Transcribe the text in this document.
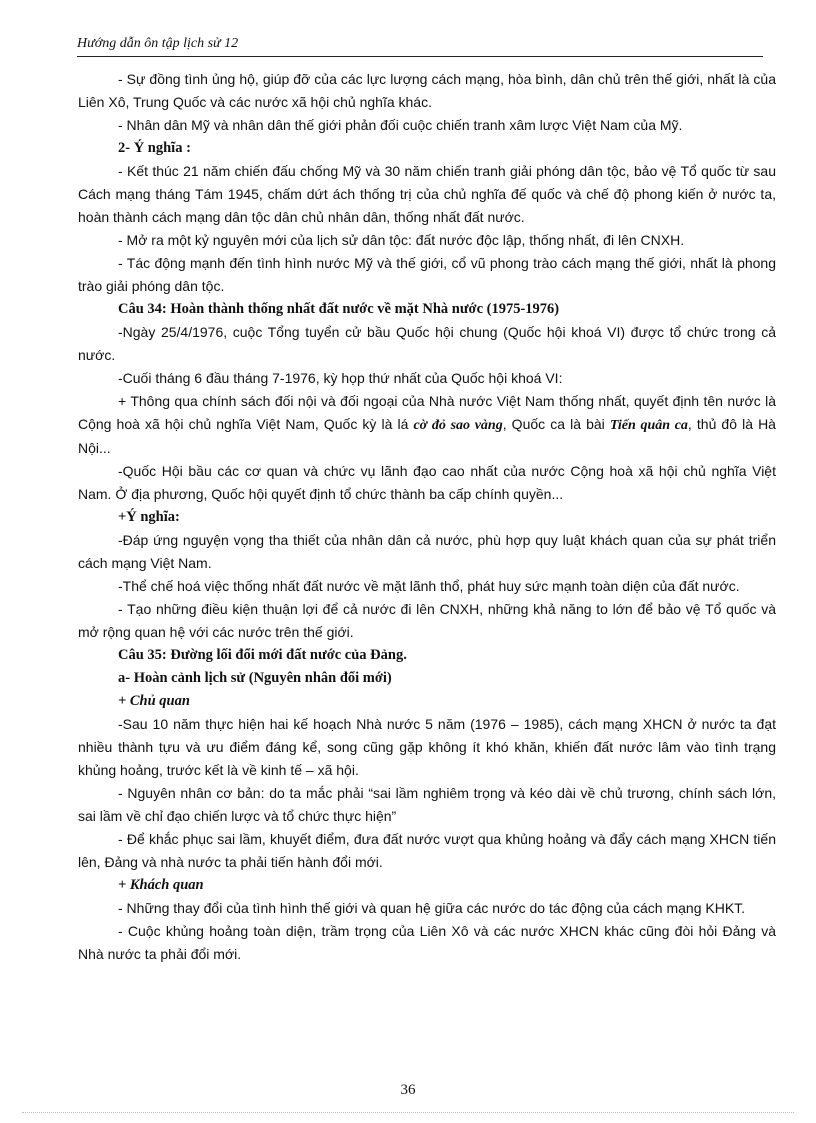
Hướng dẫn ôn tập lịch sử 12

- Sự đồng tình ủng hộ, giúp đỡ của các lực lượng cách mạng, hòa bình, dân chủ trên thế giới, nhất là của Liên Xô, Trung Quốc và các nước xã hội chủ nghĩa khác.

- Nhân dân Mỹ và nhân dân thế giới phản đối cuộc chiến tranh xâm lược Việt Nam của Mỹ.

2- Ý nghĩa :

- Kết thúc 21 năm chiến đấu chống Mỹ và 30 năm chiến tranh giải phóng dân tộc, bảo vệ Tổ quốc từ sau Cách mạng tháng Tám 1945, chấm dứt ách thống trị của chủ nghĩa đế quốc và chế độ phong kiến ở nước ta, hoàn thành cách mạng dân tộc dân chủ nhân dân, thống nhất đất nước.

- Mở ra một kỷ nguyên mới của lịch sử dân tộc: đất nước độc lập, thống nhất, đi lên CNXH.

- Tác động mạnh đến tình hình nước Mỹ và thế giới, cổ vũ phong trào cách mạng thế giới, nhất là phong trào giải phóng dân tộc.

Câu 34: Hoàn thành thống nhất đất nước về mặt Nhà nước (1975-1976)

-Ngày 25/4/1976, cuộc Tổng tuyển cử bầu Quốc hội chung (Quốc hội khoá VI) được tổ chức trong cả nước.

-Cuối tháng 6 đầu tháng 7-1976, kỳ họp thứ nhất của Quốc hội khoá VI:

+ Thông qua chính sách đối nội và đối ngoại của Nhà nước Việt Nam thống nhất, quyết định tên nước là Cộng hoà xã hội chủ nghĩa Việt Nam, Quốc kỳ là lá cờ đỏ sao vàng, Quốc ca là bài Tiến quân ca, thủ đô là Hà Nội...

-Quốc Hội bầu các cơ quan và chức vụ lãnh đạo cao nhất của nước Cộng hoà xã hội chủ nghĩa Việt Nam. Ở địa phương, Quốc hội quyết định tổ chức thành ba cấp chính quyền...

+Ý nghĩa:

-Đáp ứng nguyện vọng tha thiết của nhân dân cả nước, phù hợp quy luật khách quan của sự phát triển cách mạng Việt Nam.

-Thể chế hoá việc thống nhất đất nước về mặt lãnh thổ, phát huy sức mạnh toàn diện của đất nước.

- Tạo những điều kiện thuận lợi để cả nước đi lên CNXH, những khả năng to lớn để bảo vệ Tổ quốc và mở rộng quan hệ với các nước trên thế giới.

Câu 35: Đường lối đổi mới đất nước của Đảng.

a- Hoàn cảnh lịch sử (Nguyên nhân đổi mới)

+ Chủ quan

-Sau 10 năm thực hiện hai kế hoạch Nhà nước 5 năm (1976 – 1985), cách mạng XHCN ở nước ta đạt nhiều thành tựu và ưu điểm đáng kể, song cũng gặp không ít khó khăn, khiến đất nước lâm vào tình trạng khủng hoảng, trước kết là về kinh tế – xã hội.

- Nguyên nhân cơ bản: do ta mắc phải “sai lầm nghiêm trọng và kéo dài về chủ trương, chính sách lớn, sai lầm về chỉ đạo chiến lược và tổ chức thực hiện”

- Để khắc phục sai lầm, khuyết điểm, đưa đất nước vượt qua khủng hoảng và đẩy cách mạng XHCN tiến lên, Đảng và nhà nước ta phải tiến hành đổi mới.

+ Khách quan

- Những thay đổi của tình hình thế giới và quan hệ giữa các nước do tác động của cách mạng KHKT.

- Cuộc khủng hoảng toàn diện, trầm trọng của Liên Xô và các nước XHCN khác cũng đòi hỏi Đảng và Nhà nước ta phải đổi mới.

36
